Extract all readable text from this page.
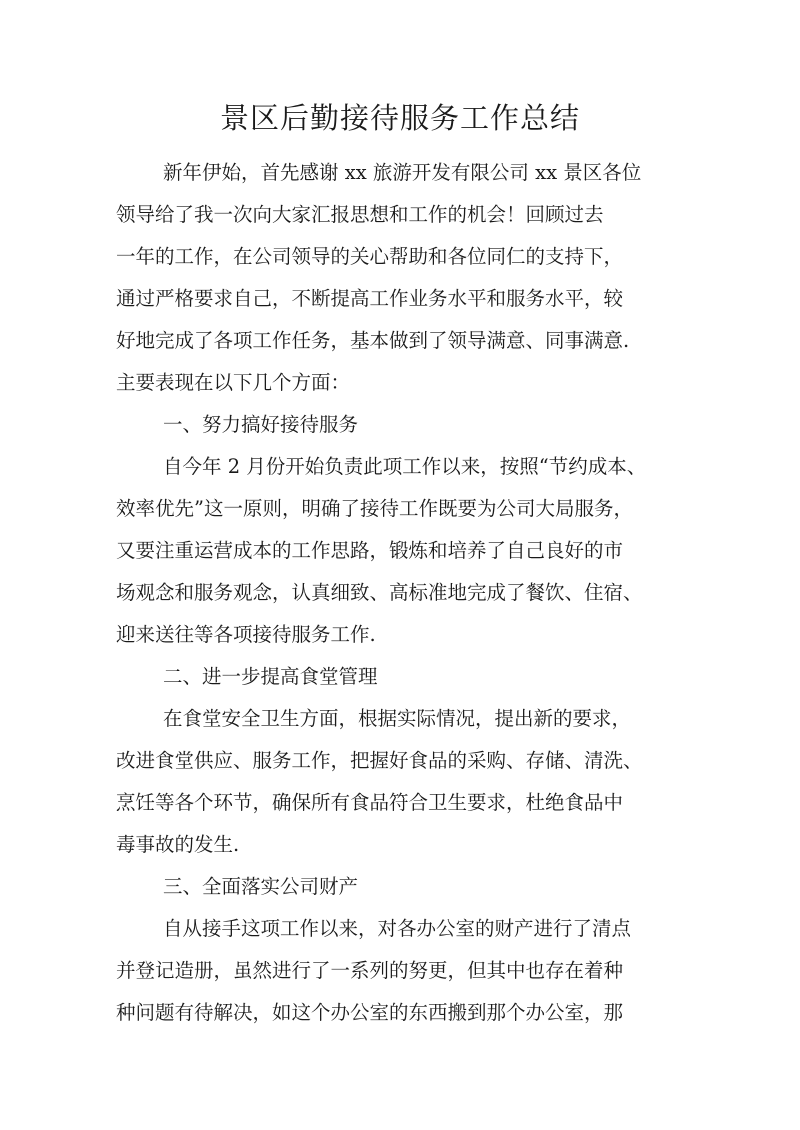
景区后勤接待服务工作总结
新年伊始，首先感谢 xx 旅游开发有限公司 xx 景区各位
领导给了我一次向大家汇报思想和工作的机会！回顾过去
一年的工作，在公司领导的关心帮助和各位同仁的支持下，
通过严格要求自己，不断提高工作业务水平和服务水平，较
好地完成了各项工作任务，基本做到了领导满意、同事满意.
主要表现在以下几个方面：
一、努力搞好接待服务
自今年 2 月份开始负责此项工作以来，按照“节约成本、
效率优先”这一原则，明确了接待工作既要为公司大局服务，
又要注重运营成本的工作思路，锻炼和培养了自己良好的市
场观念和服务观念，认真细致、高标准地完成了餐饮、住宿、
迎来送往等各项接待服务工作.
二、进一步提高食堂管理
在食堂安全卫生方面，根据实际情况，提出新的要求，
改进食堂供应、服务工作，把握好食品的采购、存储、清洗、
烹饪等各个环节，确保所有食品符合卫生要求，杜绝食品中
毒事故的发生.
三、全面落实公司财产
自从接手这项工作以来，对各办公室的财产进行了清点
并登记造册，虽然进行了一系列的努更，但其中也存在着种
种问题有待解决，如这个办公室的东西搬到那个办公室，那
